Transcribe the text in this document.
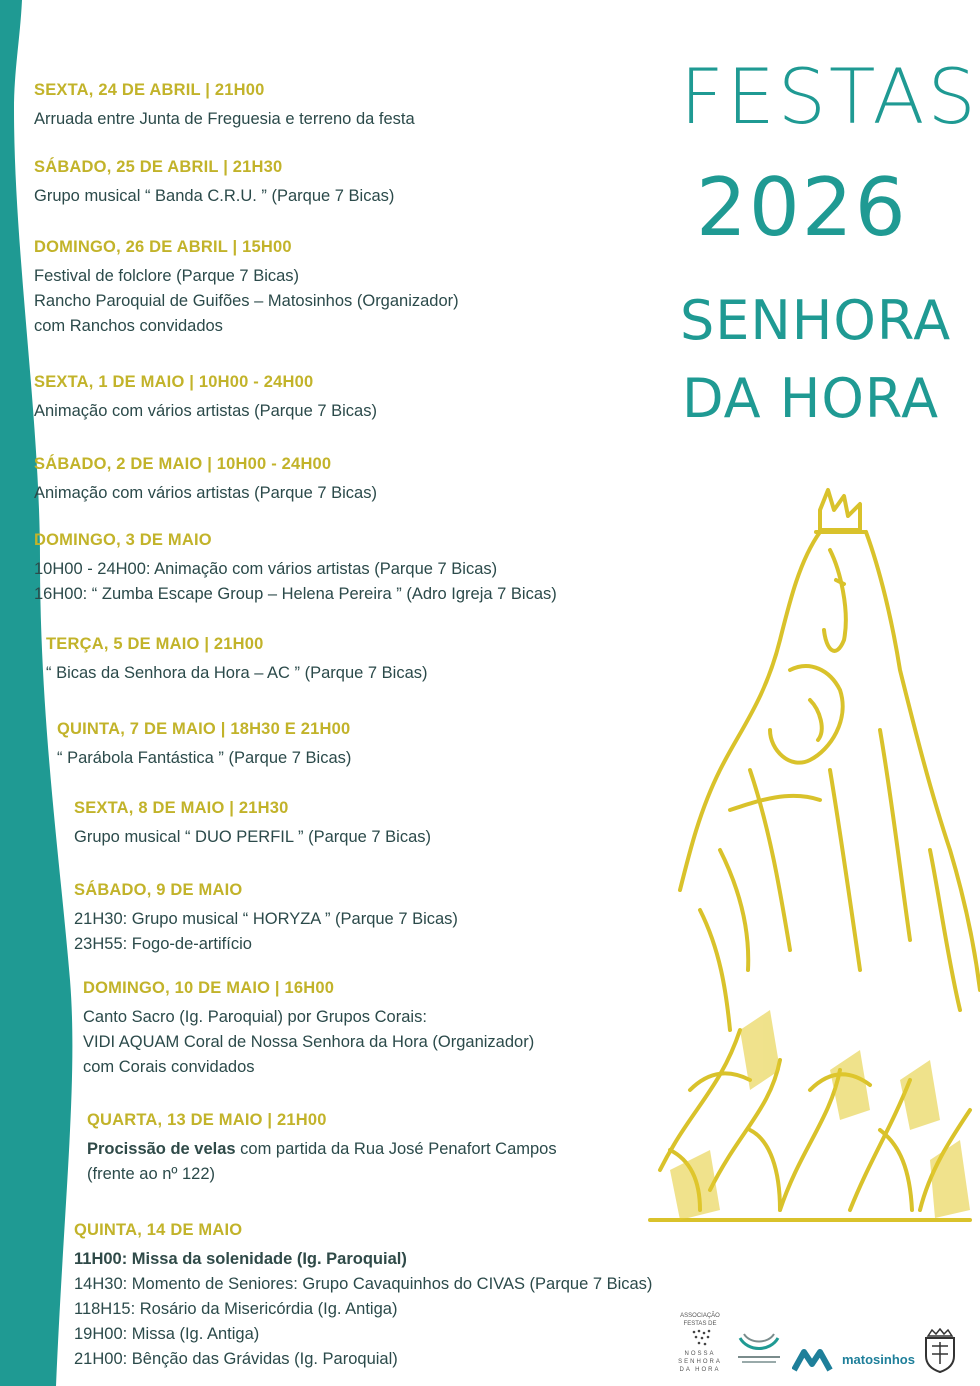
FESTAS
2026
SENHORA
DA HORA
SEXTA, 24 DE ABRIL | 21H00
Arruada entre Junta de Freguesia e terreno da festa
SÁBADO, 25 DE ABRIL | 21H30
Grupo musical “ Banda C.R.U. ” (Parque 7 Bicas)
DOMINGO, 26 DE ABRIL | 15H00
Festival de folclore (Parque 7 Bicas)
Rancho Paroquial de Guifões – Matosinhos (Organizador)
com Ranchos convidados
SEXTA, 1 DE MAIO | 10H00 - 24H00
Animação com vários artistas (Parque 7 Bicas)
SÁBADO, 2 DE MAIO | 10H00 - 24H00
Animação com vários artistas (Parque 7 Bicas)
DOMINGO, 3 DE MAIO
10H00 - 24H00: Animação com vários artistas (Parque 7 Bicas)
16H00: “ Zumba Escape Group – Helena Pereira ” (Adro Igreja 7 Bicas)
TERÇA, 5 DE MAIO | 21H00
“ Bicas da Senhora da Hora – AC ” (Parque 7 Bicas)
QUINTA, 7 DE MAIO | 18H30 E 21H00
“ Parábola Fantástica ” (Parque 7 Bicas)
SEXTA, 8 DE MAIO | 21H30
Grupo musical “ DUO PERFIL ” (Parque 7 Bicas)
SÁBADO, 9 DE MAIO
21H30: Grupo musical “ HORYZA ” (Parque 7 Bicas)
23H55: Fogo-de-artifício
DOMINGO, 10 DE MAIO | 16H00
Canto Sacro (Ig. Paroquial) por Grupos Corais:
VIDI AQUAM Coral de Nossa Senhora da Hora (Organizador)
com Corais convidados
QUARTA, 13 DE MAIO | 21H00
Procissão de velas com partida da Rua José Penafort Campos
(frente ao nº 122)
QUINTA, 14 DE MAIO
11H00: Missa da solenidade (Ig. Paroquial)
14H30: Momento de Seniores: Grupo Cavaquinhos do CIVAS (Parque 7 Bicas)
118H15: Rosário da Misericórdia (Ig. Antiga)
19H00: Missa (Ig. Antiga)
21H00: Bênção das Grávidas (Ig. Paroquial)
ASSOCIAÇÃO
FESTAS DE
NOSSA
SENHORA
DA HORA
matosinhos
